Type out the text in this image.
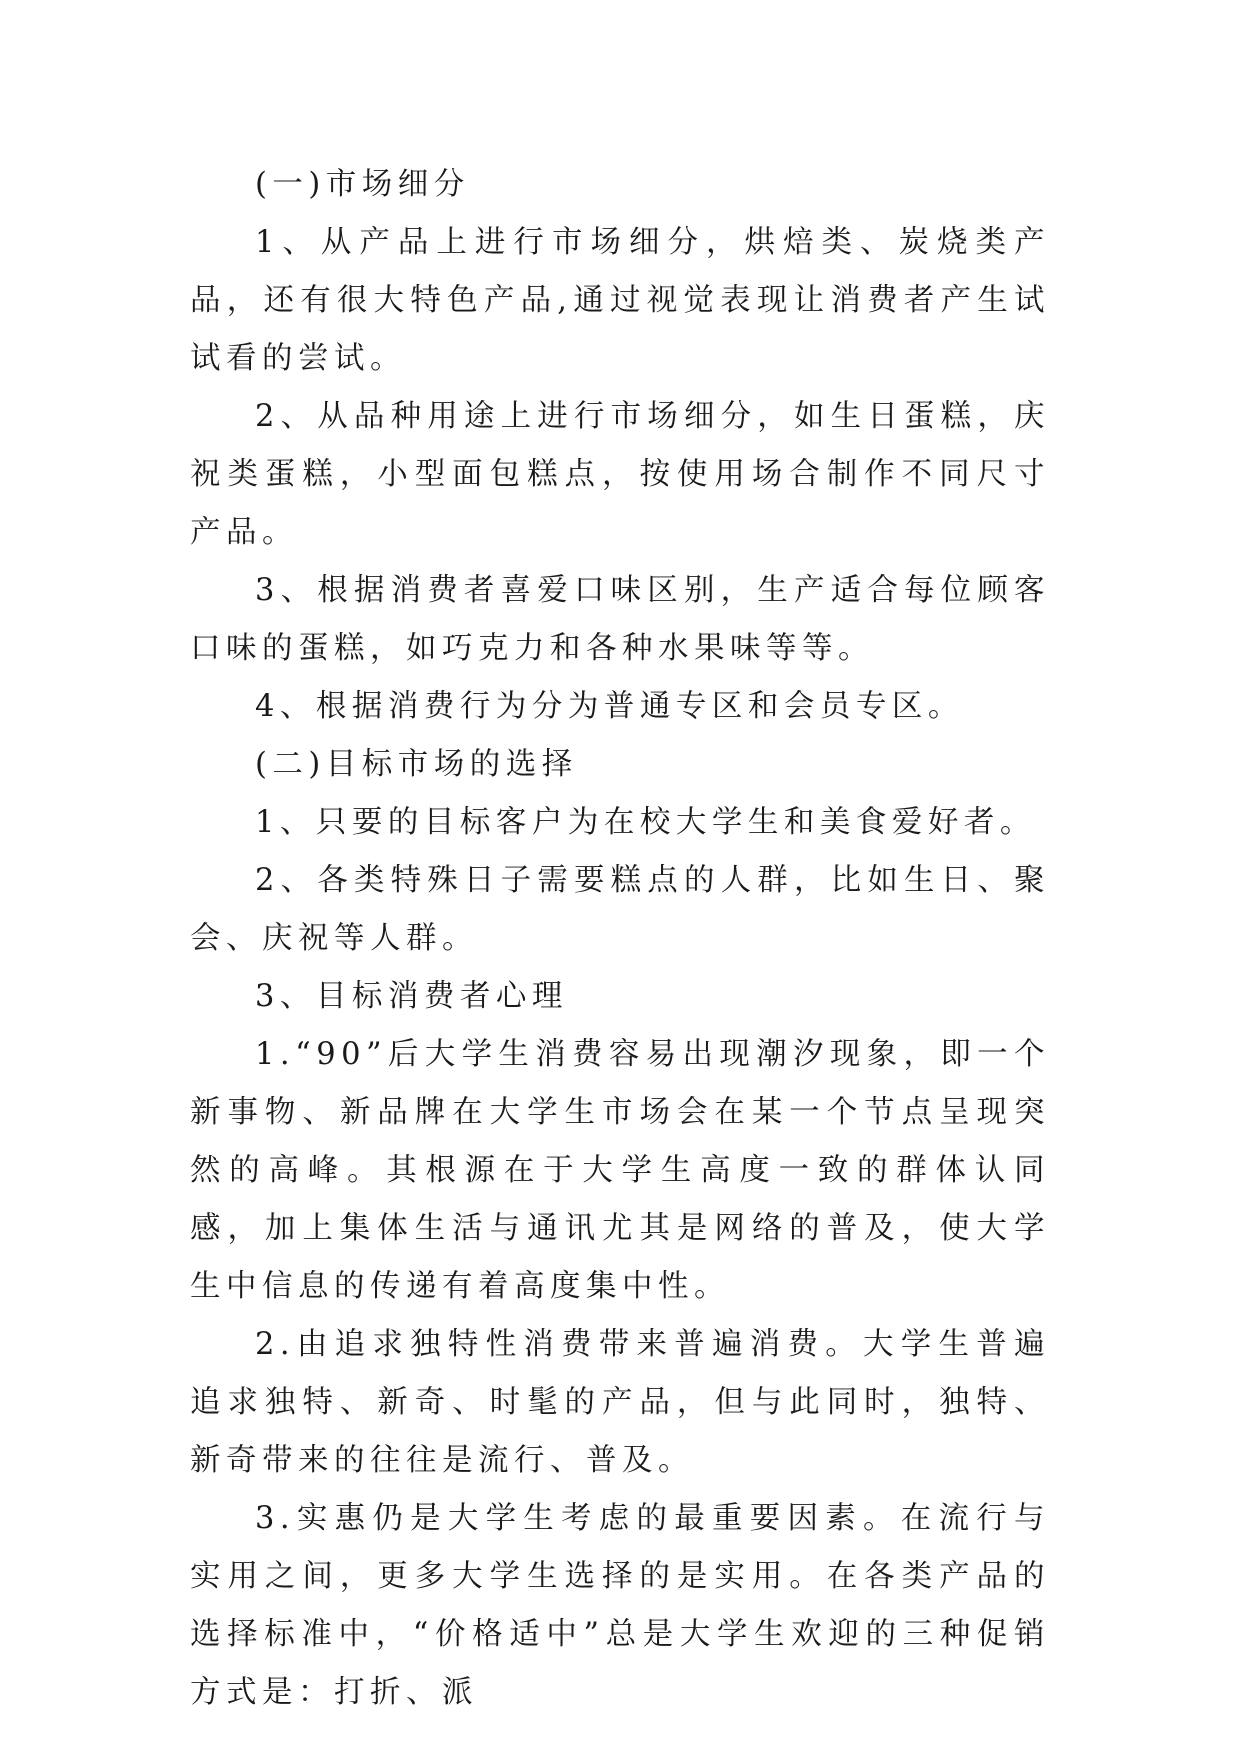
(一)市场细分

1、从产品上进行市场细分，烘焙类、炭烧类产品，还有很大特色产品,通过视觉表现让消费者产生试试看的尝试。

2、从品种用途上进行市场细分，如生日蛋糕，庆祝类蛋糕，小型面包糕点，按使用场合制作不同尺寸产品。

3、根据消费者喜爱口味区别，生产适合每位顾客口味的蛋糕，如巧克力和各种水果味等等。

4、根据消费行为分为普通专区和会员专区。

(二)目标市场的选择

1、只要的目标客户为在校大学生和美食爱好者。

2、各类特殊日子需要糕点的人群，比如生日、聚会、庆祝等人群。

3、目标消费者心理

1.“90”后大学生消费容易出现潮汐现象，即一个新事物、新品牌在大学生市场会在某一个节点呈现突然的高峰。其根源在于大学生高度一致的群体认同感，加上集体生活与通讯尤其是网络的普及，使大学生中信息的传递有着高度集中性。

2.由追求独特性消费带来普遍消费。大学生普遍追求独特、新奇、时髦的产品，但与此同时，独特、新奇带来的往往是流行、普及。

3.实惠仍是大学生考虑的最重要因素。在流行与实用之间，更多大学生选择的是实用。在各类产品的选择标准中，“价格适中”总是大学生欢迎的三种促销方式是：打折、派
